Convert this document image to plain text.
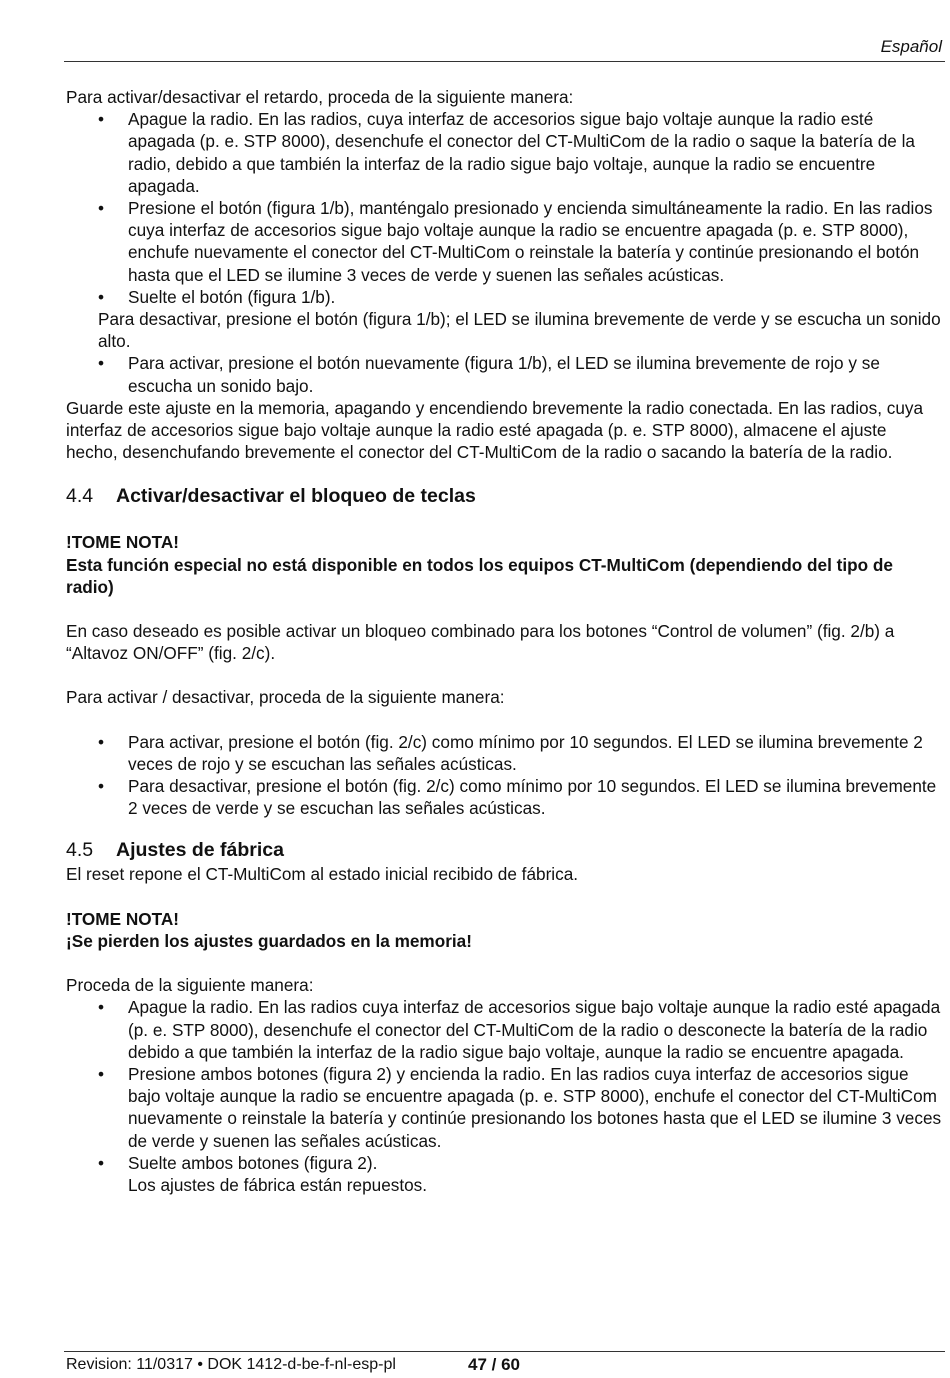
Español

Para activar/desactivar el retardo, proceda de la siguiente manera:

• Apague la radio. En las radios, cuya interfaz de accesorios sigue bajo voltaje aunque la radio esté apagada (p. e. STP 8000), desenchufe el conector del CT-MultiCom de la radio o saque la batería de la radio, debido a que también la interfaz de la radio sigue bajo voltaje, aunque la radio se encuentre apagada.
• Presione el botón (figura 1/b), manténgalo presionado y encienda simultáneamente la radio. En las radios cuya interfaz de accesorios sigue bajo voltaje aunque la radio se encuentre apagada (p. e. STP 8000), enchufe nuevamente el conector del CT-MultiCom o reinstale la batería y continúe presionando el botón hasta que el LED se ilumine 3 veces de verde y suenen las señales acústicas.
• Suelte el botón (figura 1/b).

Para desactivar, presione el botón (figura 1/b); el LED se ilumina brevemente de verde y se escucha un sonido alto.

• Para activar, presione el botón nuevamente (figura 1/b), el LED se ilumina brevemente de rojo y se escucha un sonido bajo.

Guarde este ajuste en la memoria, apagando y encendiendo brevemente la radio conectada. En las radios, cuya interfaz de accesorios sigue bajo voltaje aunque la radio esté apagada (p. e. STP 8000), almacene el ajuste hecho, desenchufando brevemente el conector del CT-MultiCom de la radio o sacando la batería de la radio.

4.4 Activar/desactivar el bloqueo de teclas

!TOME NOTA!

Esta función especial no está disponible en todos los equipos CT-MultiCom (dependiendo del tipo de radio)

En caso deseado es posible activar un bloqueo combinado para los botones “Control de volumen” (fig. 2/b) a “Altavoz ON/OFF” (fig. 2/c).

Para activar / desactivar, proceda de la siguiente manera:

• Para activar, presione el botón (fig. 2/c) como mínimo por 10 segundos. El LED se ilumina brevemente 2 veces de rojo y se escuchan las señales acústicas.
• Para desactivar, presione el botón (fig. 2/c) como mínimo por 10 segundos. El LED se ilumina brevemente 2 veces de verde y se escuchan las señales acústicas.
4.5 Ajustes de fábrica

El reset repone el CT-MultiCom al estado inicial recibido de fábrica.

!TOME NOTA!

¡Se pierden los ajustes guardados en la memoria!

Proceda de la siguiente manera:

• Apague la radio. En las radios cuya interfaz de accesorios sigue bajo voltaje aunque la radio esté apagada (p. e. STP 8000), desenchufe el conector del CT-MultiCom de la radio o desconecte la batería de la radio debido a que también la interfaz de la radio sigue bajo voltaje, aunque la radio se encuentre apagada.
• Presione ambos botones (figura 2) y encienda la radio. En las radios cuya interfaz de accesorios sigue bajo voltaje aunque la radio se encuentre apagada (p. e. STP 8000), enchufe el conector del CT-MultiCom nuevamente o reinstale la batería y continúe presionando los botones hasta que el LED se ilumine 3 veces de verde y suenen las señales acústicas.
• Suelte ambos botones (figura 2).

Los ajustes de fábrica están repuestos.

Revision: 11/0317 • DOK 1412-d-be-f-nl-esp-pl	47 / 60
